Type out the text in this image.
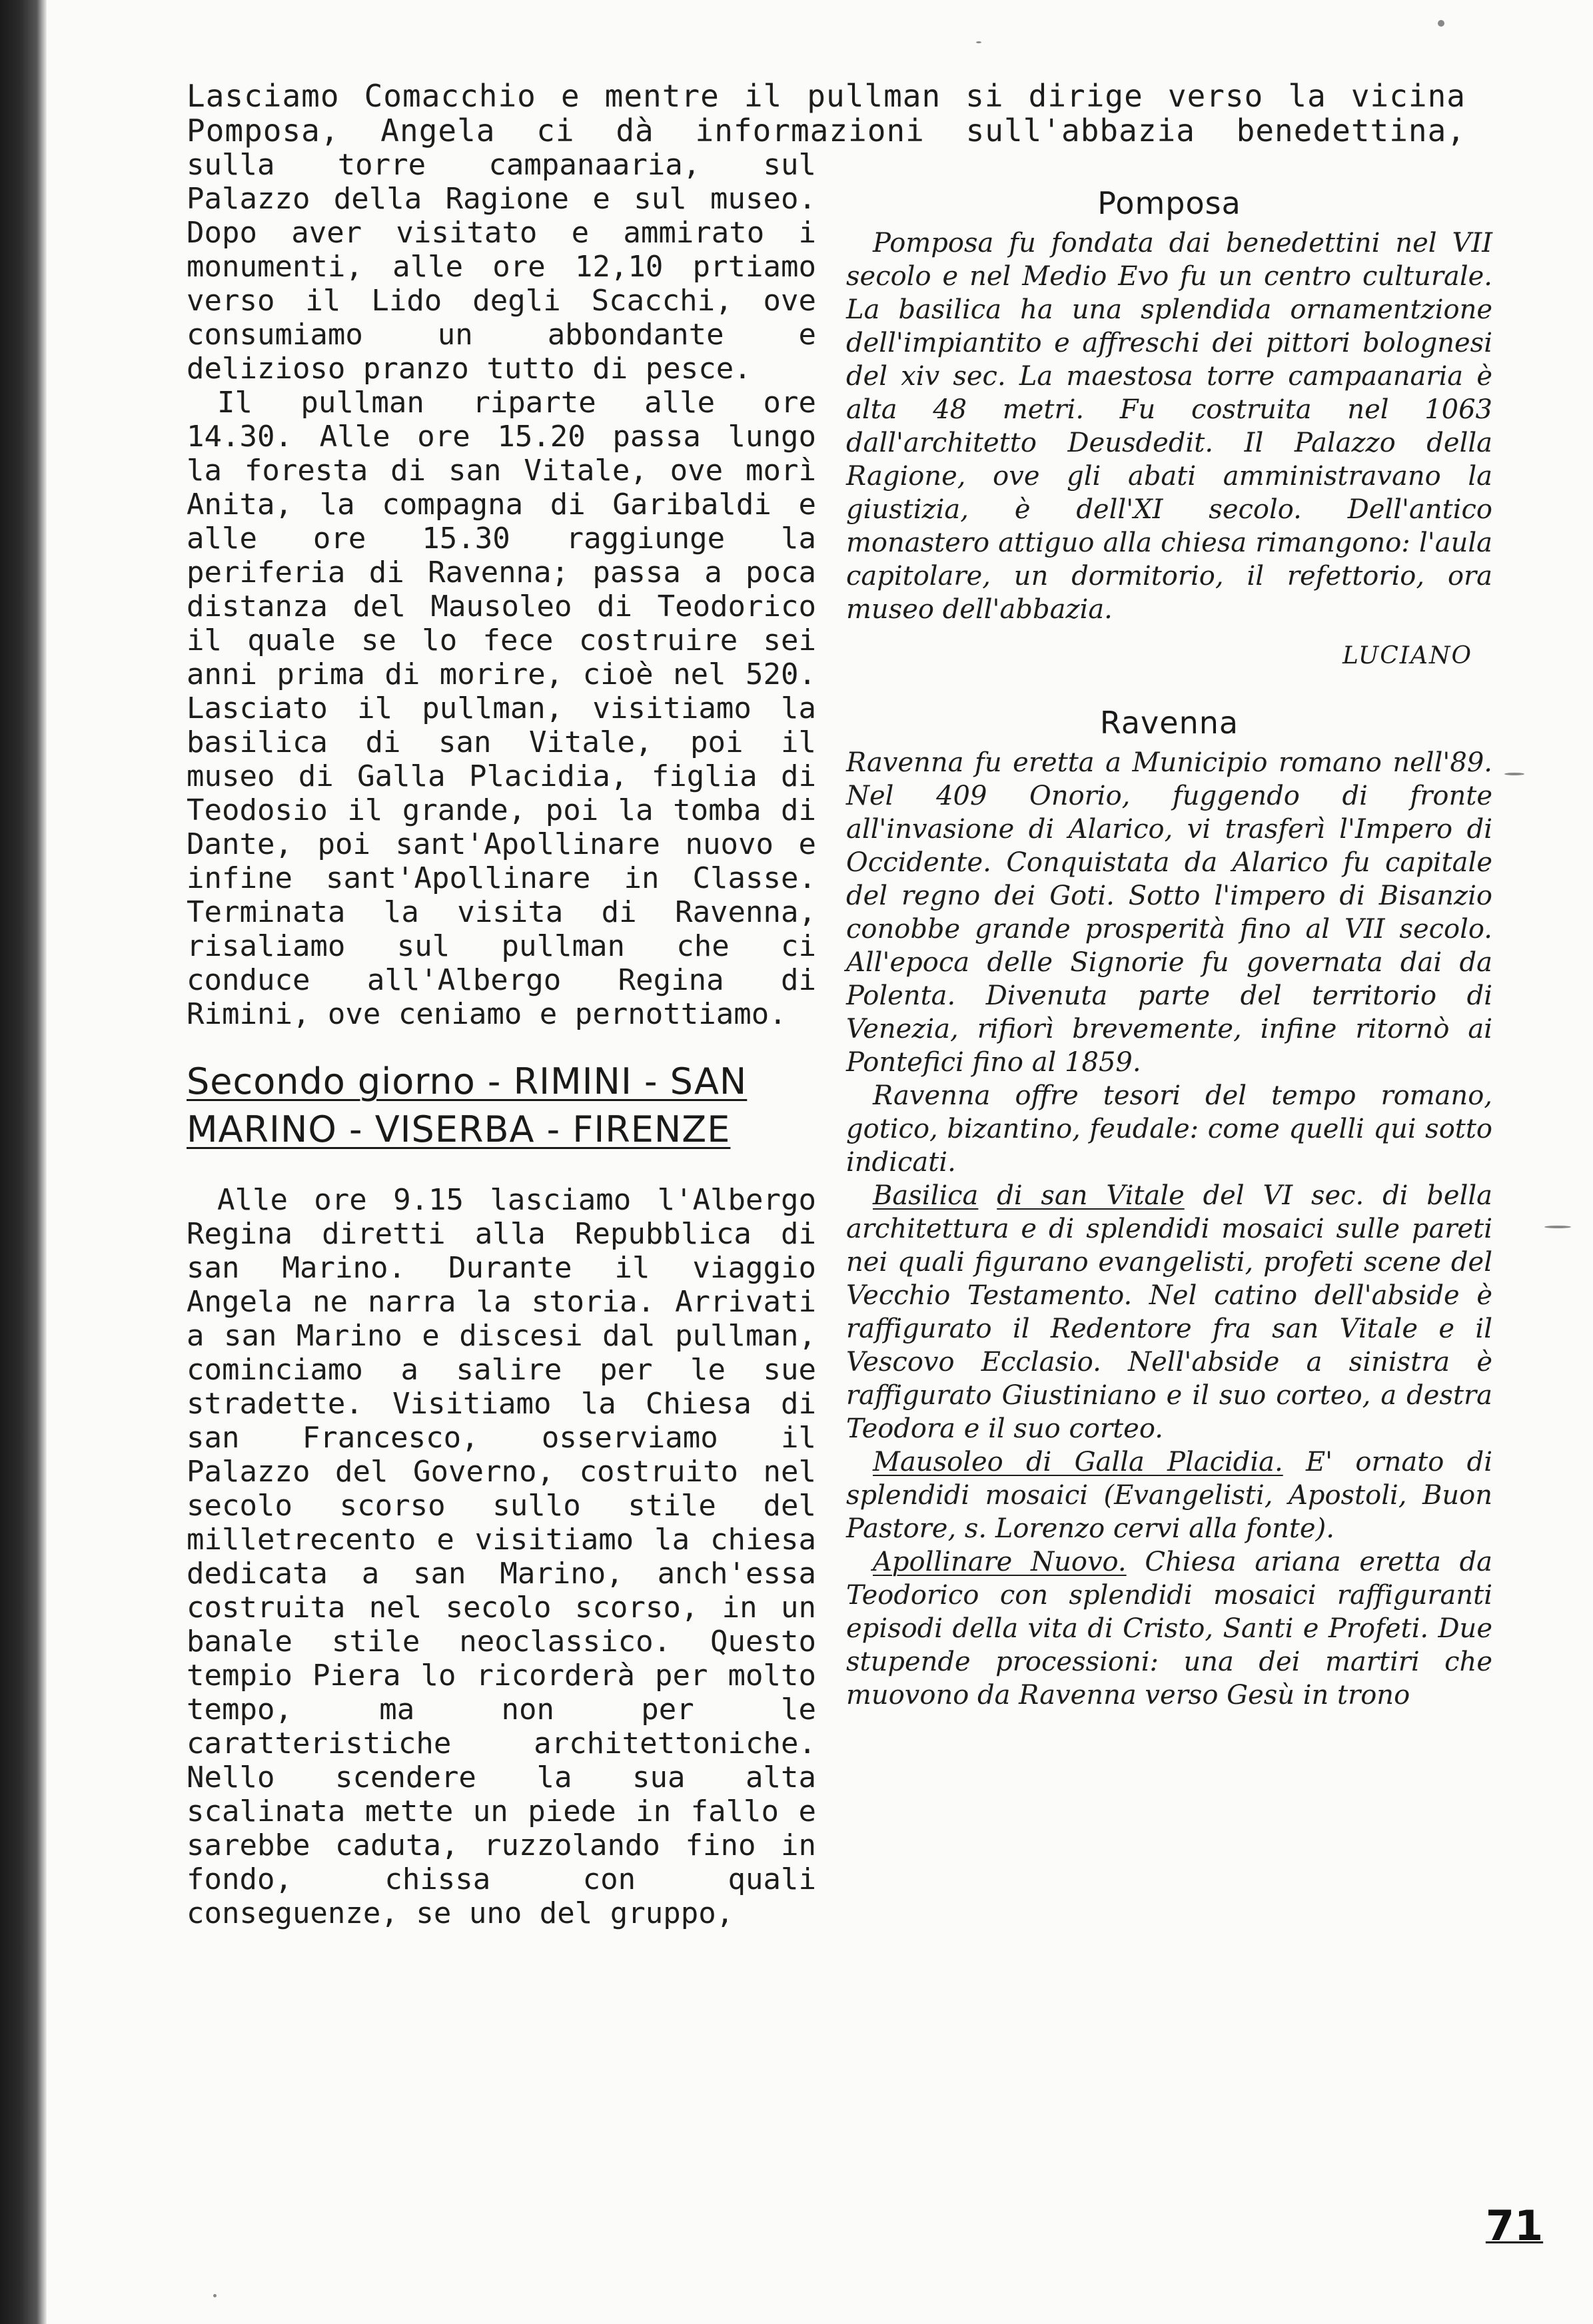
Lasciamo Comacchio e mentre il pullman si dirige verso la vicina Pomposa, Angela ci dà informazioni sull'abbazia benedettina,

sulla torre campanaaria, sul Palazzo della Ragione e sul museo. Dopo aver visitato e ammirato i monumenti, alle ore 12,10 prtiamo verso il Lido degli Scacchi, ove consumiamo un abbondante e delizioso pranzo tutto di pesce.

Il pullman riparte alle ore 14.30. Alle ore 15.20 passa lungo la foresta di san Vitale, ove morì Anita, la compagna di Garibaldi e alle ore 15.30 raggiunge la periferia di Ravenna; passa a poca distanza del Mausoleo di Teodorico il quale se lo fece costruire sei anni prima di morire, cioè nel 520. Lasciato il pullman, visitiamo la basilica di san Vitale, poi il museo di Galla Placidia, figlia di Teodosio il grande, poi la tomba di Dante, poi sant'Apollinare nuovo e infine sant'Apollinare in Classe. Terminata la visita di Ravenna, risaliamo sul pullman che ci conduce all'Albergo Regina di Rimini, ove ceniamo e pernottiamo.

Secondo giorno - RIMINI - SAN
MARINO - VISERBA - FIRENZE

Alle ore 9.15 lasciamo l'Albergo Regina diretti alla Repubblica di san Marino. Durante il viaggio Angela ne narra la storia. Arrivati a san Marino e discesi dal pullman, cominciamo a salire per le sue stradette. Visitiamo la Chiesa di san Francesco, osserviamo il Palazzo del Governo, costruito nel secolo scorso sullo stile del milletrecento e visitiamo la chiesa dedicata a san Marino, anch'essa costruita nel secolo scorso, in un banale stile neoclassico. Questo tempio Piera lo ricorderà per molto tempo, ma non per le caratteristiche architettoniche. Nello scendere la sua alta scalinata mette un piede in fallo e sarebbe caduta, ruzzolando fino in fondo, chissa con quali conseguenze, se uno del gruppo,

Pomposa

Pomposa fu fondata dai benedettini nel VII secolo e nel Medio Evo fu un centro culturale. La basilica ha una splendida ornamentzione dell'impiantito e affreschi dei pittori bolognesi del xiv sec. La maestosa torre campaanaria è alta 48 metri. Fu costruita nel 1063 dall'architetto Deusdedit. Il Palazzo della Ragione, ove gli abati amministravano la giustizia, è dell'XI secolo. Dell'antico monastero attiguo alla chiesa rimangono: l'aula capitolare, un dormitorio, il refettorio, ora museo dell'abbazia.

LUCIANO
Ravenna

Ravenna fu eretta a Municipio romano nell'89. Nel 409 Onorio, fuggendo di fronte all'invasione di Alarico, vi trasferì l'Impero di Occidente. Conquistata da Alarico fu capitale del regno dei Goti. Sotto l'impero di Bisanzio conobbe grande prosperità fino al VII secolo. All'epoca delle Signorie fu governata dai da Polenta. Divenuta parte del territorio di Venezia, rifiorì brevemente, infine ritornò ai Pontefici fino al 1859.

Ravenna offre tesori del tempo romano, gotico, bizantino, feudale: come quelli qui sotto indicati.

Basilica di san Vitale del VI sec. di bella architettura e di splendidi mosaici sulle pareti nei quali figurano evangelisti, profeti scene del Vecchio Testamento. Nel catino dell'abside è raffigurato il Redentore fra san Vitale e il Vescovo Ecclasio. Nell'abside a sinistra è raffigurato Giustiniano e il suo corteo, a destra Teodora e il suo corteo.

Mausoleo di Galla Placidia. E' ornato di splendidi mosaici (Evangelisti, Apostoli, Buon Pastore, s. Lorenzo cervi alla fonte).

Apollinare Nuovo. Chiesa ariana eretta da Teodorico con splendidi mosaici raffiguranti episodi della vita di Cristo, Santi e Profeti. Due stupende processioni: una dei martiri che muovono da Ravenna verso Gesù in trono

71
